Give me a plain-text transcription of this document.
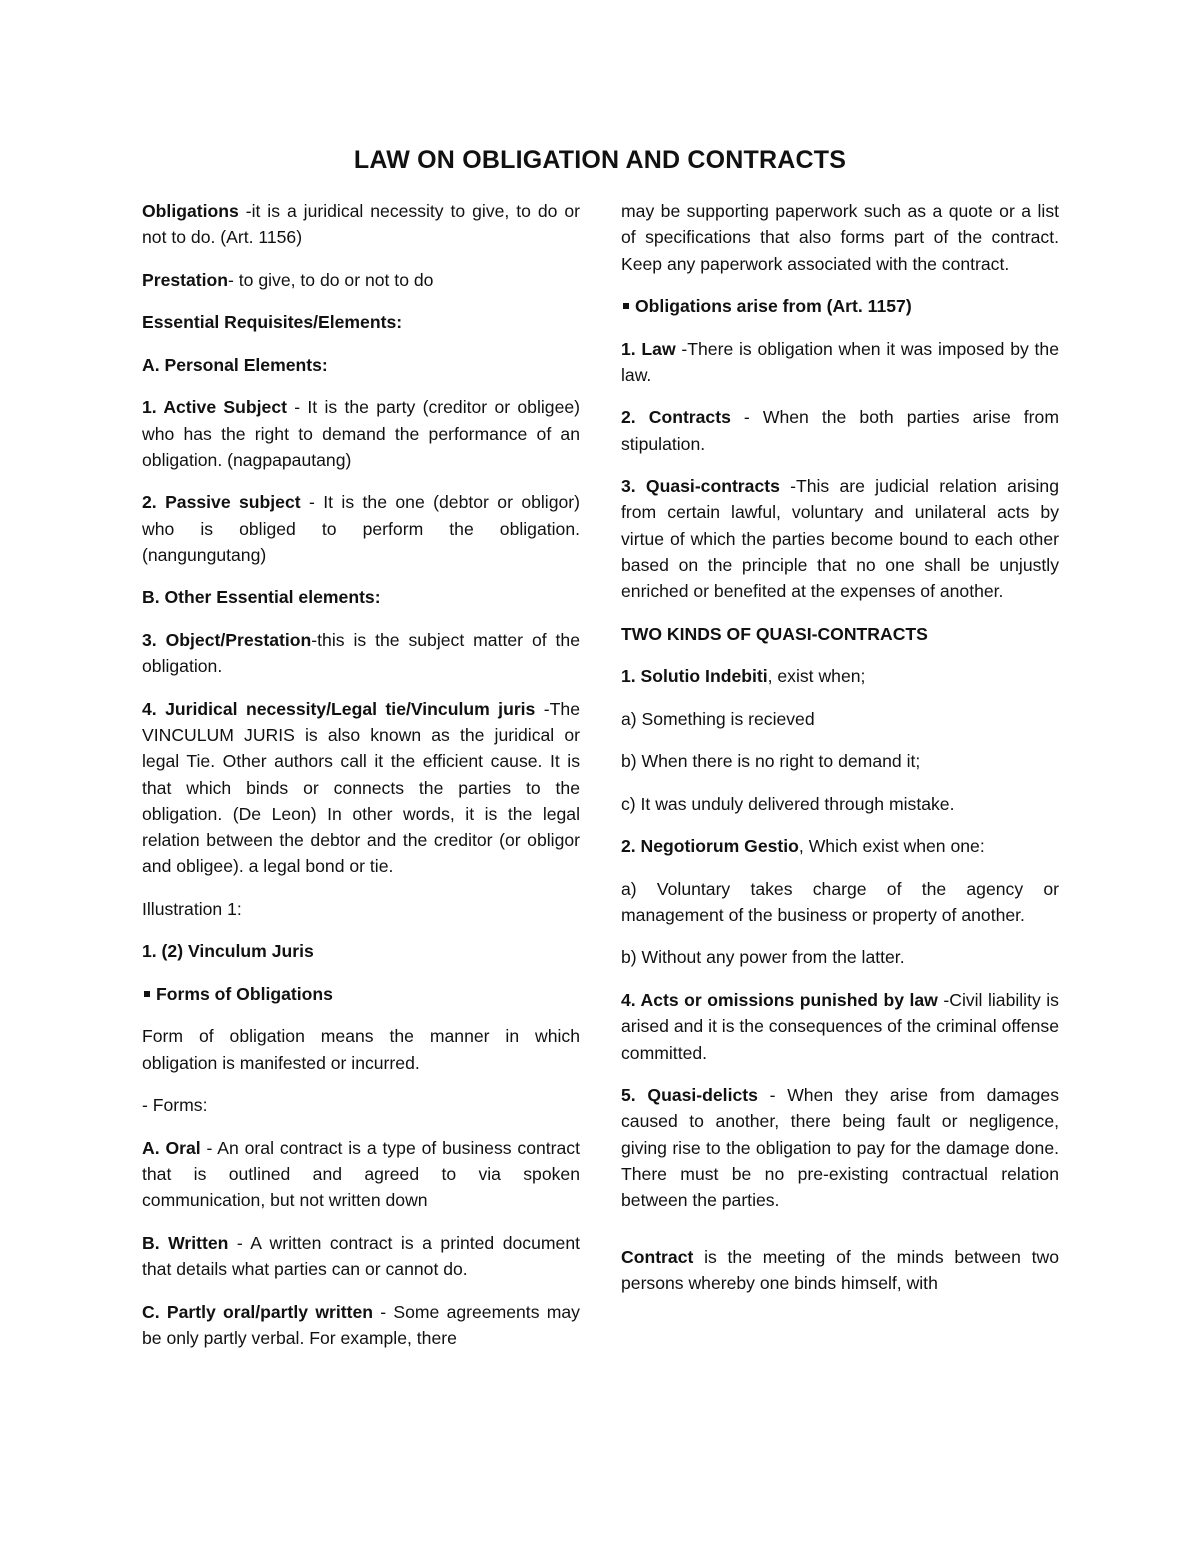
LAW ON OBLIGATION AND CONTRACTS

Obligations -it is a juridical necessity to give, to do or not to do. (Art. 1156)

Prestation- to give, to do or not to do

Essential Requisites/Elements:

A. Personal Elements:

1. Active Subject - It is the party (creditor or obligee) who has the right to demand the performance of an obligation. (nagpapautang)

2. Passive subject - It is the one (debtor or obligor) who is obliged to perform the obligation. (nangungutang)

B. Other Essential elements:

3. Object/Prestation-this is the subject matter of the obligation.

4. Juridical necessity/Legal tie/Vinculum juris -The VINCULUM JURIS is also known as the juridical or legal Tie. Other authors call it the efficient cause. It is that which binds or connects the parties to the obligation. (De Leon) In other words, it is the legal relation between the debtor and the creditor (or obligor and obligee). a legal bond or tie.

Illustration 1:

1. (2) Vinculum Juris

Forms of Obligations

Form of obligation means the manner in which obligation is manifested or incurred.

- Forms:

A. Oral - An oral contract is a type of business contract that is outlined and agreed to via spoken communication, but not written down

B. Written - A written contract is a printed document that details what parties can or cannot do.

C. Partly oral/partly written - Some agreements may be only partly verbal. For example, there

may be supporting paperwork such as a quote or a list of specifications that also forms part of the contract. Keep any paperwork associated with the contract.

Obligations arise from (Art. 1157)

1. Law -There is obligation when it was imposed by the law.

2. Contracts - When the both parties arise from stipulation.

3. Quasi-contracts -This are judicial relation arising from certain lawful, voluntary and unilateral acts by virtue of which the parties become bound to each other based on the principle that no one shall be unjustly enriched or benefited at the expenses of another.

TWO KINDS OF QUASI-CONTRACTS

1. Solutio Indebiti, exist when;

a) Something is recieved

b) When there is no right to demand it;

c) It was unduly delivered through mistake.

2. Negotiorum Gestio, Which exist when one:

a) Voluntary takes charge of the agency or management of the business or property of another.

b) Without any power from the latter.

4. Acts or omissions punished by law -Civil liability is arised and it is the consequences of the criminal offense committed.

5. Quasi-delicts - When they arise from damages caused to another, there being fault or negligence, giving rise to the obligation to pay for the damage done. There must be no pre-existing contractual relation between the parties.

Contract is the meeting of the minds between two persons whereby one binds himself, with
